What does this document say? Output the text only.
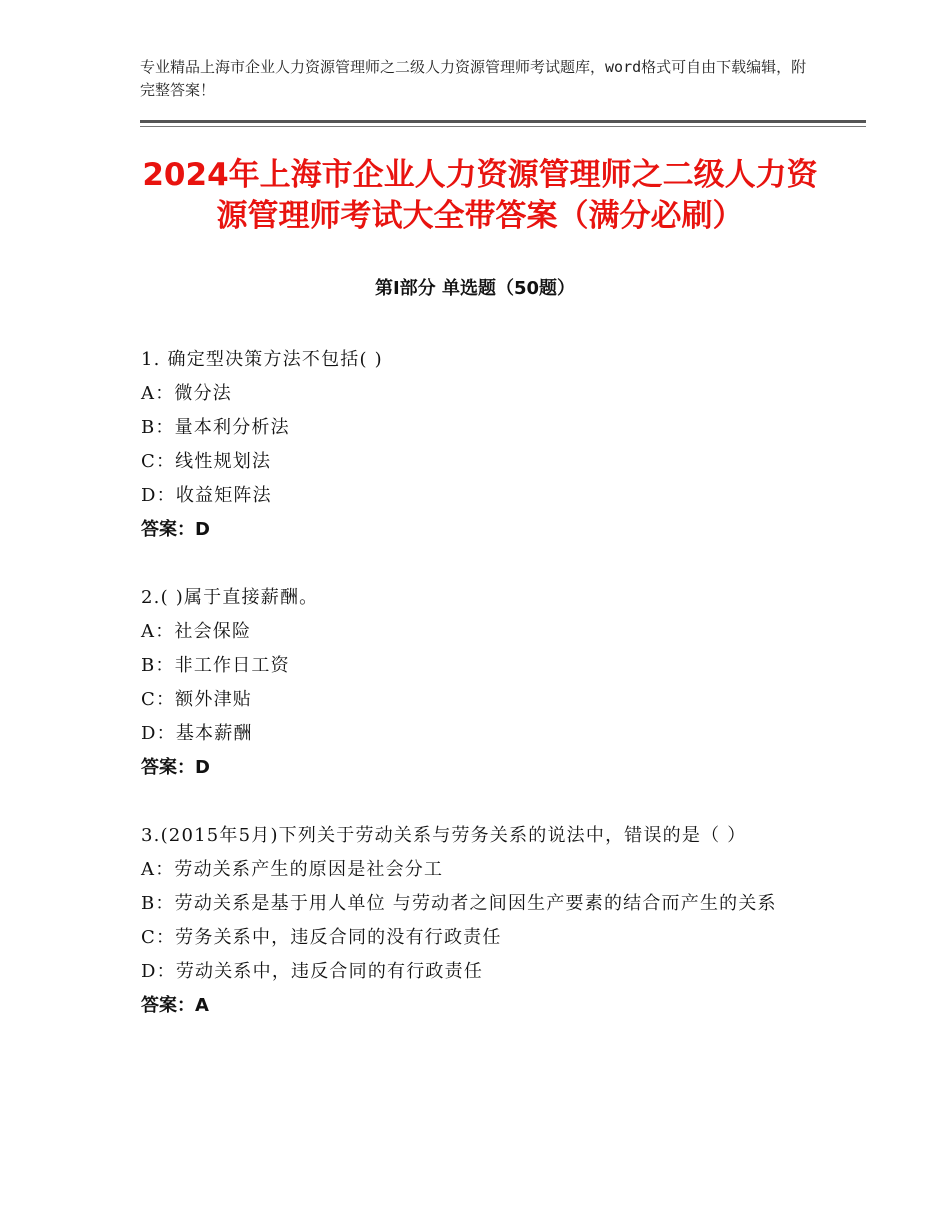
专业精品上海市企业人力资源管理师之二级人力资源管理师考试题库，word格式可自由下载编辑，附完整答案！
2024年上海市企业人力资源管理师之二级人力资源管理师考试大全带答案（满分必刷）
第Ⅰ部分 单选题（50题）
1. 确定型决策方法不包括( )
A：微分法
B：量本利分析法
C：线性规划法
D：收益矩阵法
答案：D
2.( )属于直接薪酬。
A：社会保险
B：非工作日工资
C：额外津贴
D：基本薪酬
答案：D
3.(2015年5月)下列关于劳动关系与劳务关系的说法中，错误的是（ ）
A：劳动关系产生的原因是社会分工
B：劳动关系是基于用人单位 与劳动者之间因生产要素的结合而产生的关系
C：劳务关系中，违反合同的没有行政责任
D：劳动关系中，违反合同的有行政责任
答案：A
